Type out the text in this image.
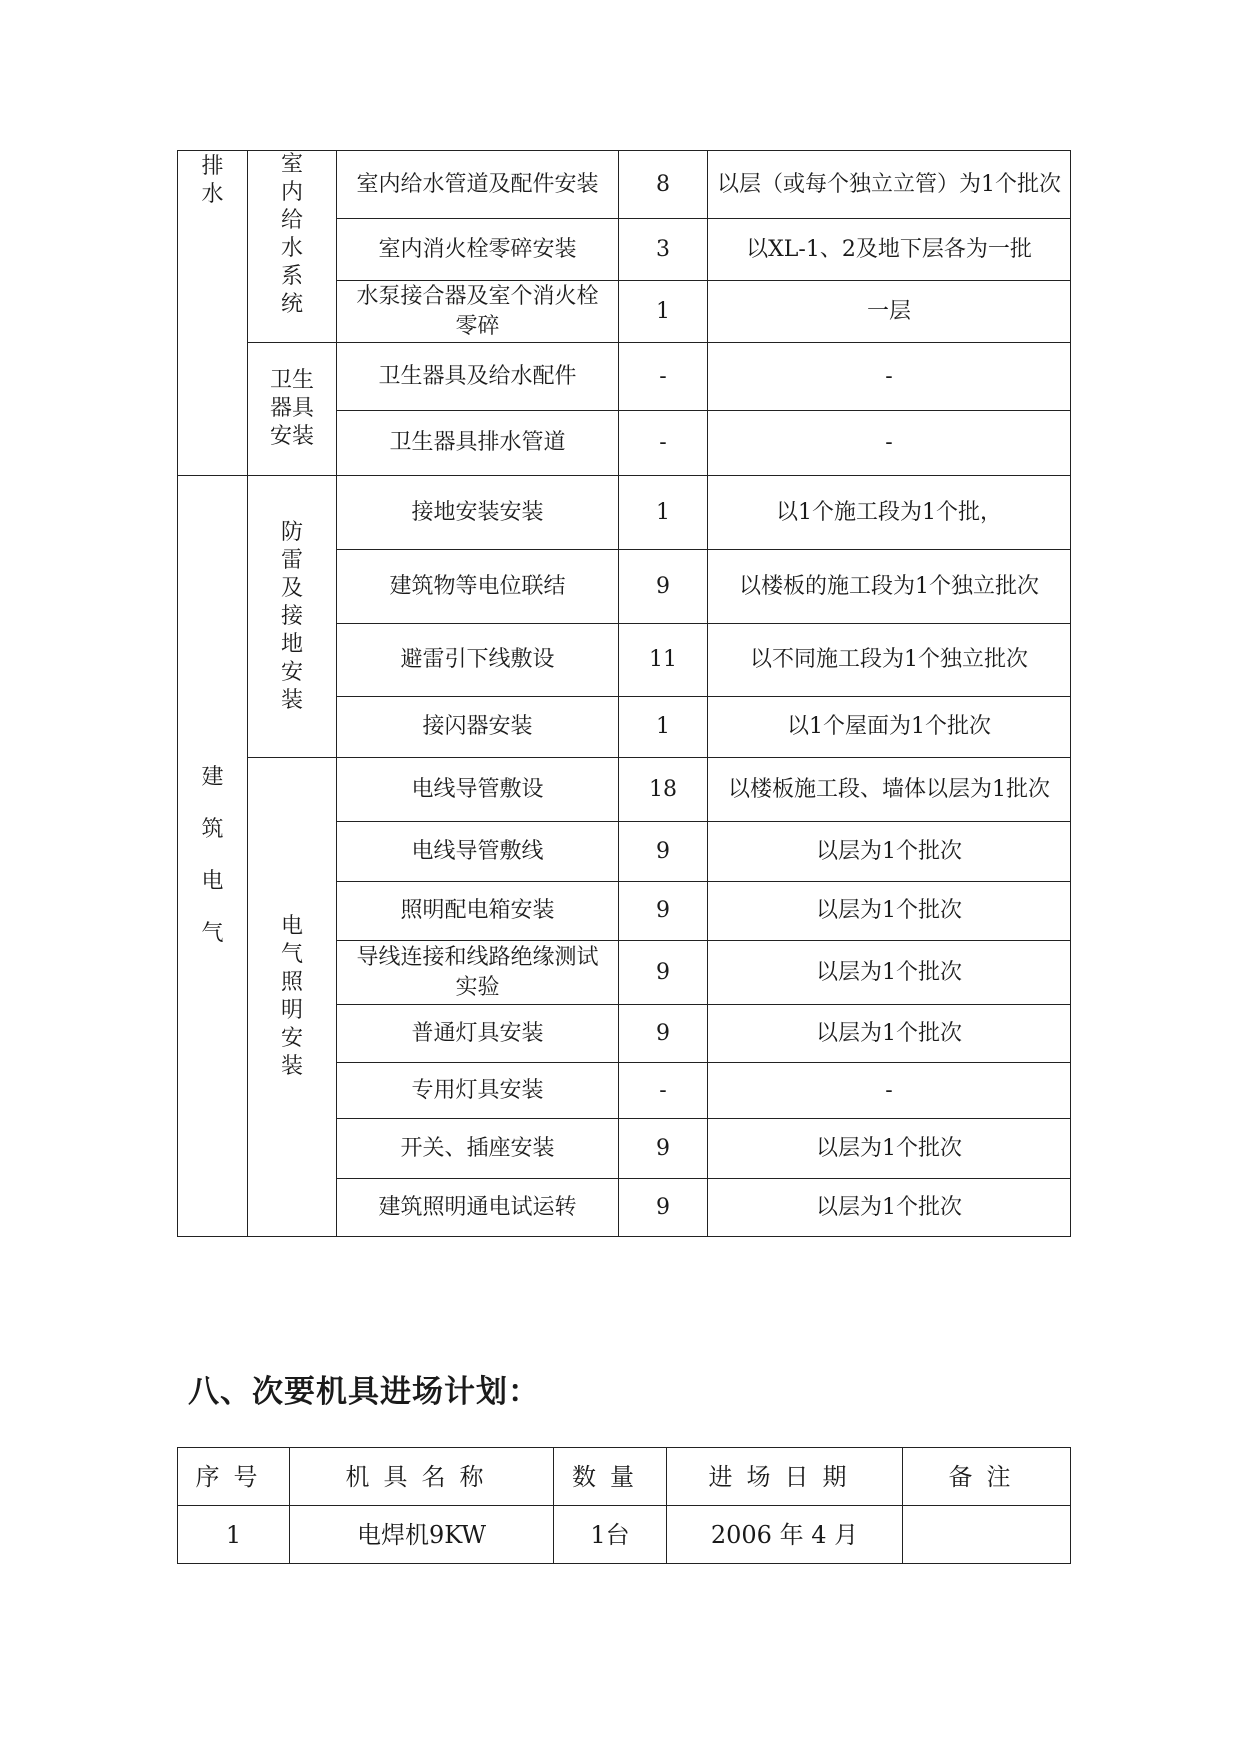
排水	室内给水系统	室内给水管道及配件安装	8	以层（或每个独立立管）为1个批次
		室内消火栓零碎安装	3	以XL-1、2及地下层各为一批
		水泵接合器及室个消火栓零碎	1	一层
	卫生器具安装	卫生器具及给水配件	-	-
		卫生器具排水管道	-	-
建筑电气	防雷及接地安装	接地安装安装	1	以1个施工段为1个批，
		建筑物等电位联结	9	以楼板的施工段为1个独立批次
		避雷引下线敷设	11	以不同施工段为1个独立批次
		接闪器安装	1	以1个屋面为1个批次
	电气照明安装	电线导管敷设	18	以楼板施工段、墙体以层为1批次
		电线导管敷线	9	以层为1个批次
		照明配电箱安装	9	以层为1个批次
		导线连接和线路绝缘测试实验	9	以层为1个批次
		普通灯具安装	9	以层为1个批次
		专用灯具安装	-	-
		开关、插座安装	9	以层为1个批次
		建筑照明通电试运转	9	以层为1个批次
八、次要机具进场计划：
序号	机具名称	数量	进场日期	备注
1	电焊机9KW	1台	2006 年 4 月	
